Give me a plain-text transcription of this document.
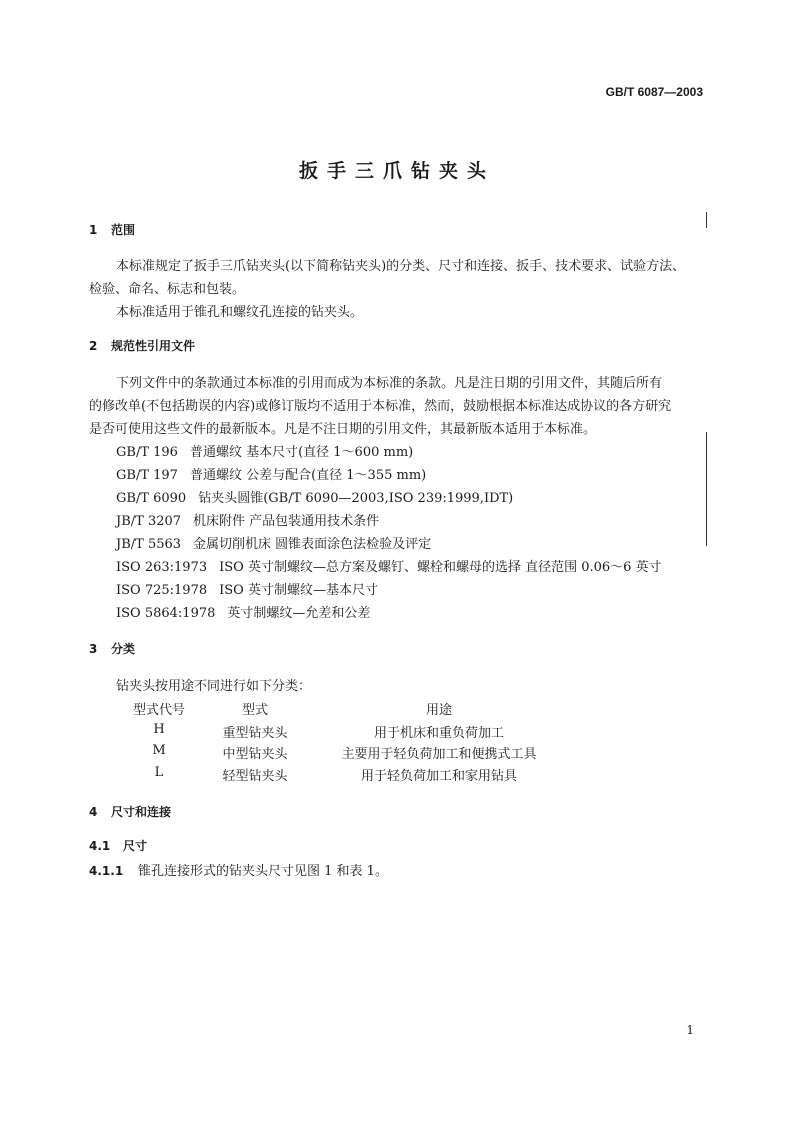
GB/T 6087—2003
扳手三爪钻夹头
1 范围
本标准规定了扳手三爪钻夹头(以下简称钻夹头)的分类、尺寸和连接、扳手、技术要求、试验方法、
检验、命名、标志和包装。
本标准适用于锥孔和螺纹孔连接的钻夹头。
2 规范性引用文件
下列文件中的条款通过本标准的引用而成为本标准的条款。凡是注日期的引用文件，其随后所有
的修改单(不包括勘误的内容)或修订版均不适用于本标准，然而，鼓励根据本标准达成协议的各方研究
是否可使用这些文件的最新版本。凡是不注日期的引用文件，其最新版本适用于本标准。
GB/T 196 普通螺纹 基本尺寸(直径 1～600 mm)
GB/T 197 普通螺纹 公差与配合(直径 1～355 mm)
GB/T 6090 钻夹头圆锥(GB/T 6090—2003,ISO 239:1999,IDT)
JB/T 3207 机床附件 产品包装通用技术条件
JB/T 5563 金属切削机床 圆锥表面涂色法检验及评定
ISO 263:1973 ISO 英寸制螺纹—总方案及螺钉、螺栓和螺母的选择 直径范围 0.06～6 英寸
ISO 725:1978 ISO 英寸制螺纹—基本尺寸
ISO 5864:1978 英寸制螺纹—允差和公差
3 分类
钻夹头按用途不同进行如下分类：
型式代号	型式	用途
H	重型钻夹头	用于机床和重负荷加工
M	中型钻夹头	主要用于轻负荷加工和便携式工具
L	轻型钻夹头	用于轻负荷加工和家用钻具
4 尺寸和连接
4.1 尺寸
4.1.1 锥孔连接形式的钻夹头尺寸见图 1 和表 1。
1
